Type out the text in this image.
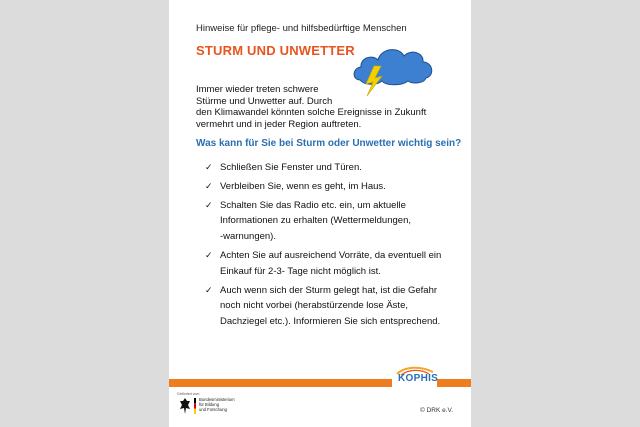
Hinweise für pflege- und hilfsbedürftige Menschen
STURM UND UNWETTER
Immer wieder treten schwere
Stürme und Unwetter auf. Durch
den Klimawandel könnten solche Ereignisse in Zukunft
vermehrt und in jeder Region auftreten.
Was kann für Sie bei Sturm oder Unwetter wichtig sein?
✓ Schließen Sie Fenster und Türen.
✓ Verbleiben Sie, wenn es geht, im Haus.
✓ Schalten Sie das Radio etc. ein, um aktuelle
Informationen zu erhalten (Wettermeldungen,
-warnungen).
✓ Achten Sie auf ausreichend Vorräte, da eventuell ein
Einkauf für 2-3- Tage nicht möglich ist.
✓ Auch wenn sich der Sturm gelegt hat, ist die Gefahr
noch nicht vorbei (herabstürzende lose Äste,
Dachziegel etc.). Informieren Sie sich entsprechend.
KOPHIS
Gefördert vom
Bundesministerium
für Bildung
und Forschung	© DRK e.V.
